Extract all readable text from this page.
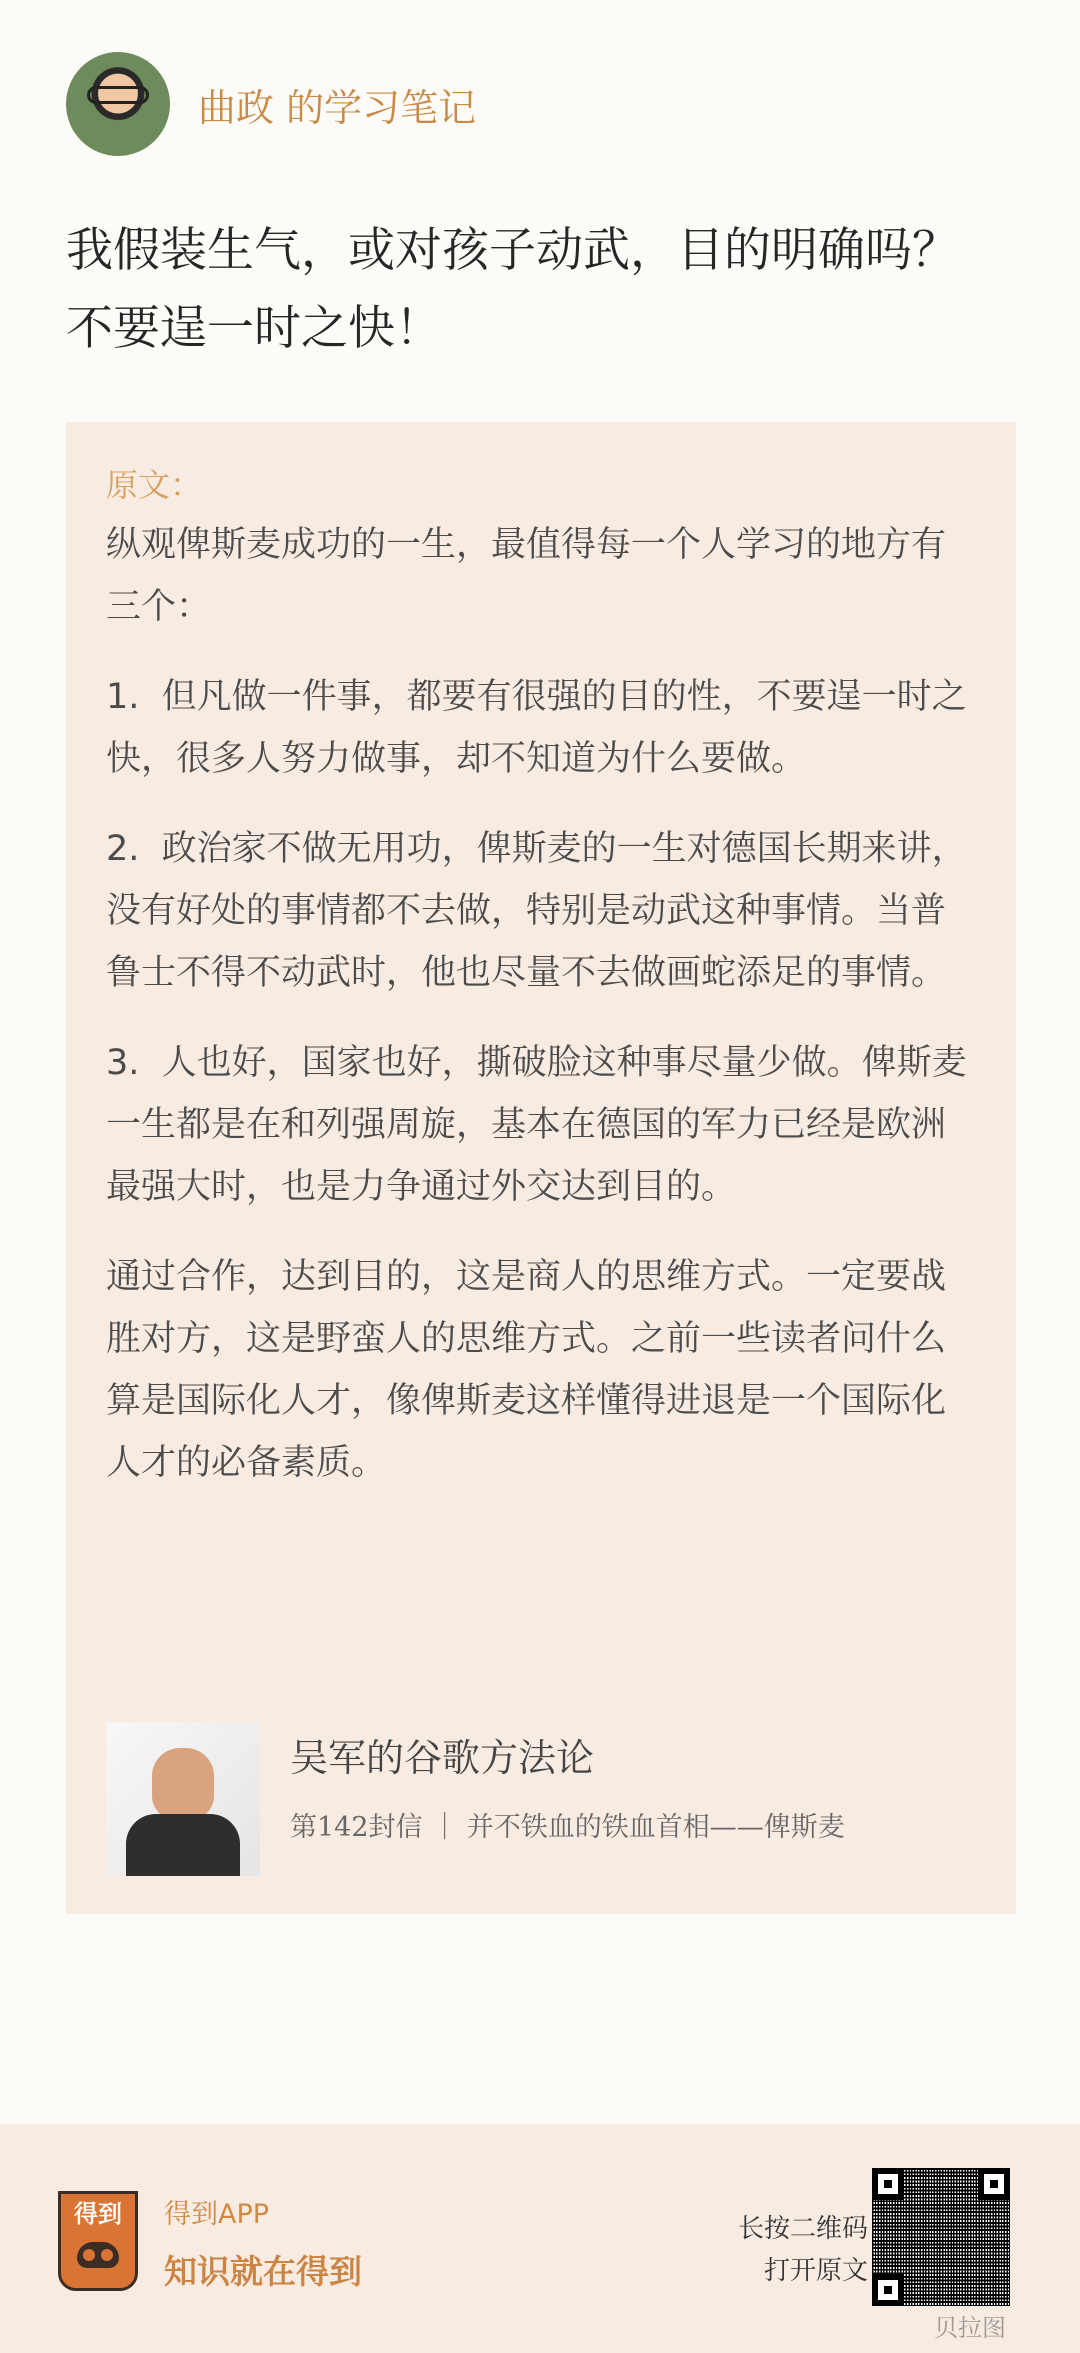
曲政 的学习笔记
我假装生气，或对孩子动武，目的明确吗？
不要逞一时之快！
原文：

纵观俾斯麦成功的一生，最值得每一个人学习的地方有三个：

1.  但凡做一件事，都要有很强的目的性，不要逞一时之快，很多人努力做事，却不知道为什么要做。

2.  政治家不做无用功，俾斯麦的一生对德国长期来讲，没有好处的事情都不去做，特别是动武这种事情。当普鲁士不得不动武时，他也尽量不去做画蛇添足的事情。

3.  人也好，国家也好，撕破脸这种事尽量少做。俾斯麦一生都是在和列强周旋，基本在德国的军力已经是欧洲最强大时，也是力争通过外交达到目的。

通过合作，达到目的，这是商人的思维方式。一定要战胜对方，这是野蛮人的思维方式。之前一些读者问什么算是国际化人才，像俾斯麦这样懂得进退是一个国际化人才的必备素质。

吴军的谷歌方法论
第142封信 ｜ 并不铁血的铁血首相——俾斯麦
得到	得到APP
知识就在得到
长按二维码
打开原文
贝拉图
